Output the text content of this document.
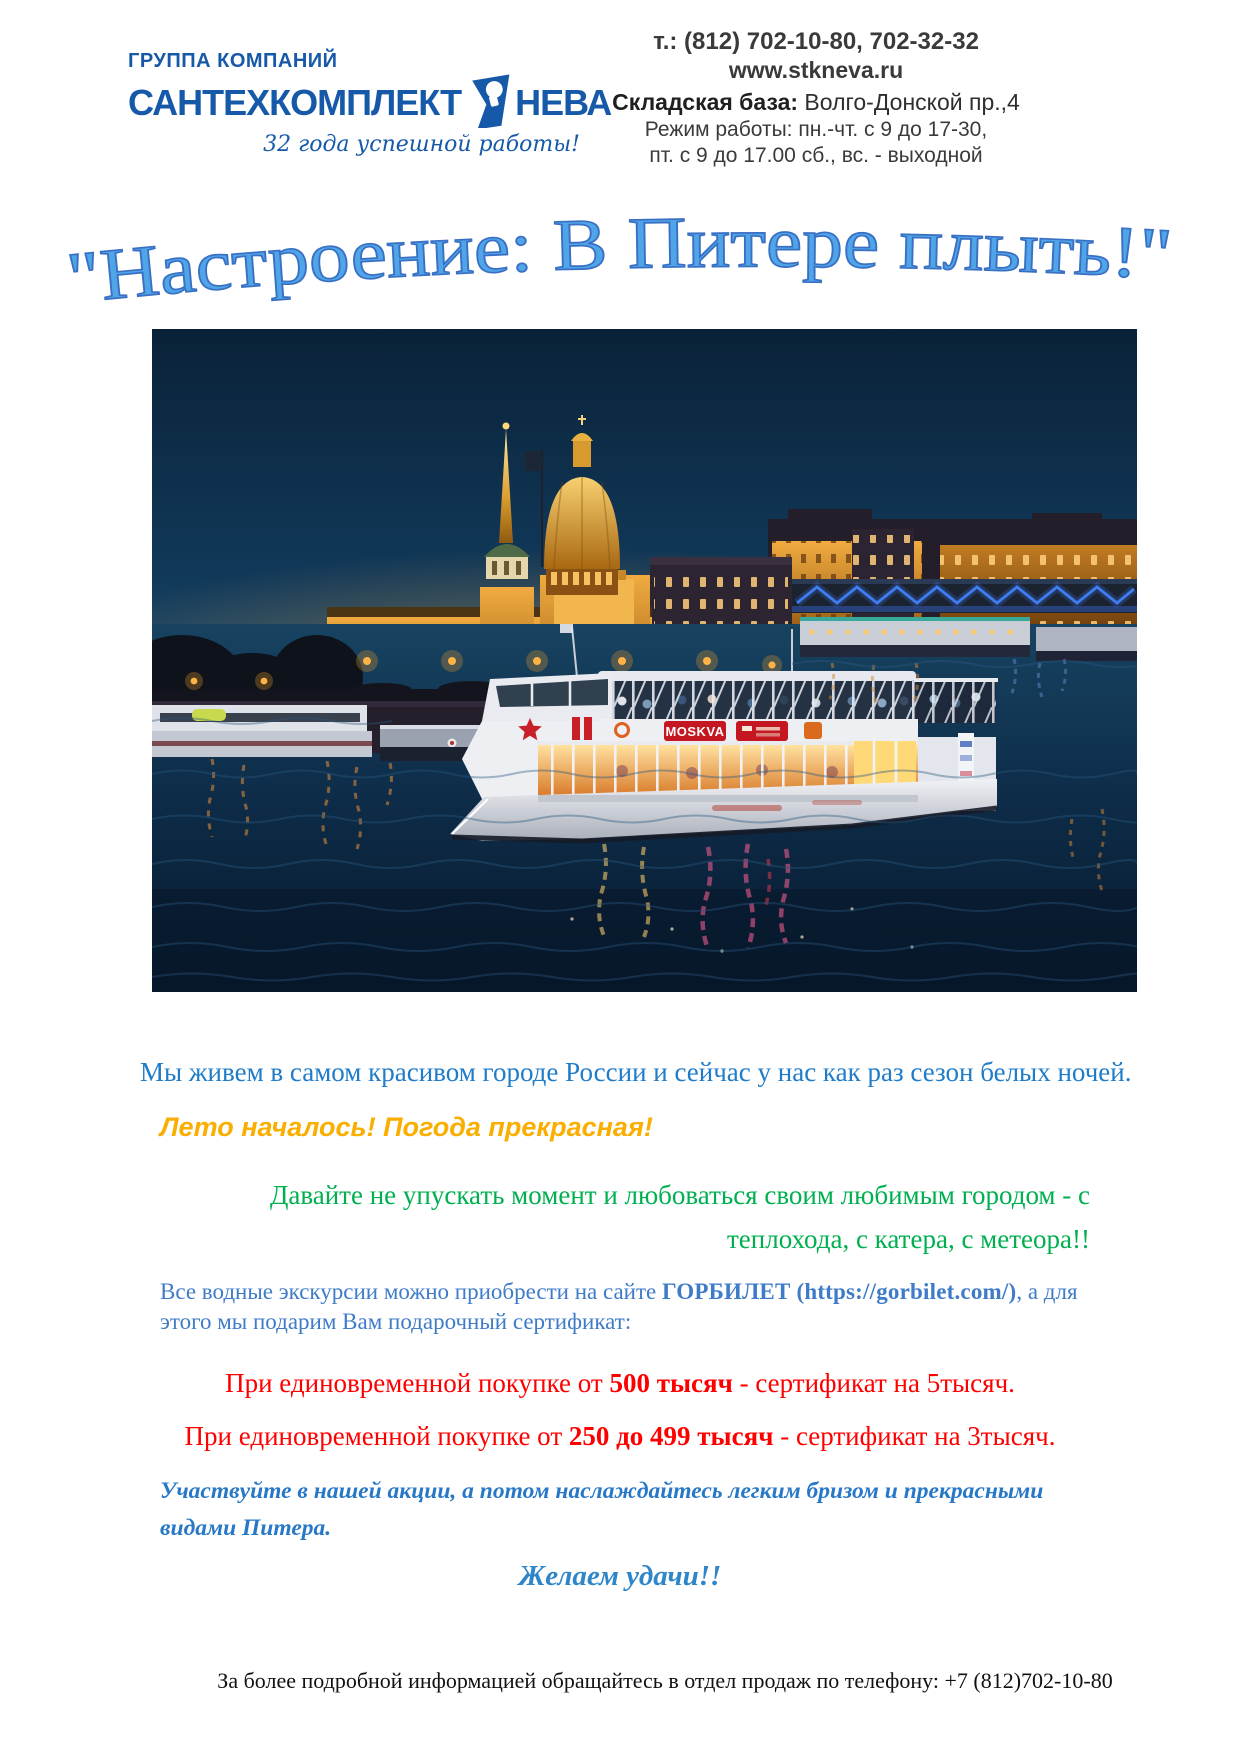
ГРУППА КОМПАНИЙ
САНТЕХКОМПЛЕКТ НЕВА
32 года успешной работы!
т.: (812) 702-10-80, 702-32-32
www.stkneva.ru
Складская база: Волго-Донской пр.,4
Режим работы: пн.-чт. с 9 до 17-30,
пт. с 9 до 17.00 сб., вс. - выходной
"Настроение: В Питере плыть!"
MOSKVA
Мы живем в самом красивом городе России и сейчас у нас как раз сезон белых ночей.
Лето началось! Погода прекрасная!
Давайте не упускать момент и любоваться своим любимым городом - с
теплохода, с катера, с метеора!!
Все водные экскурсии можно приобрести на сайте ГОРБИЛЕТ (https://gorbilet.com/), а для этого мы подарим Вам подарочный сертификат:
При единовременной покупке от 500 тысяч - сертификат на 5тысяч.
При единовременной покупке от 250 до 499 тысяч - сертификат на 3тысяч.
Участвуйте в нашей акции, а потом наслаждайтесь легким бризом и прекрасными видами Питера.
Желаем удачи!!
За более подробной информацией обращайтесь в отдел продаж по телефону: +7 (812)702-10-80
